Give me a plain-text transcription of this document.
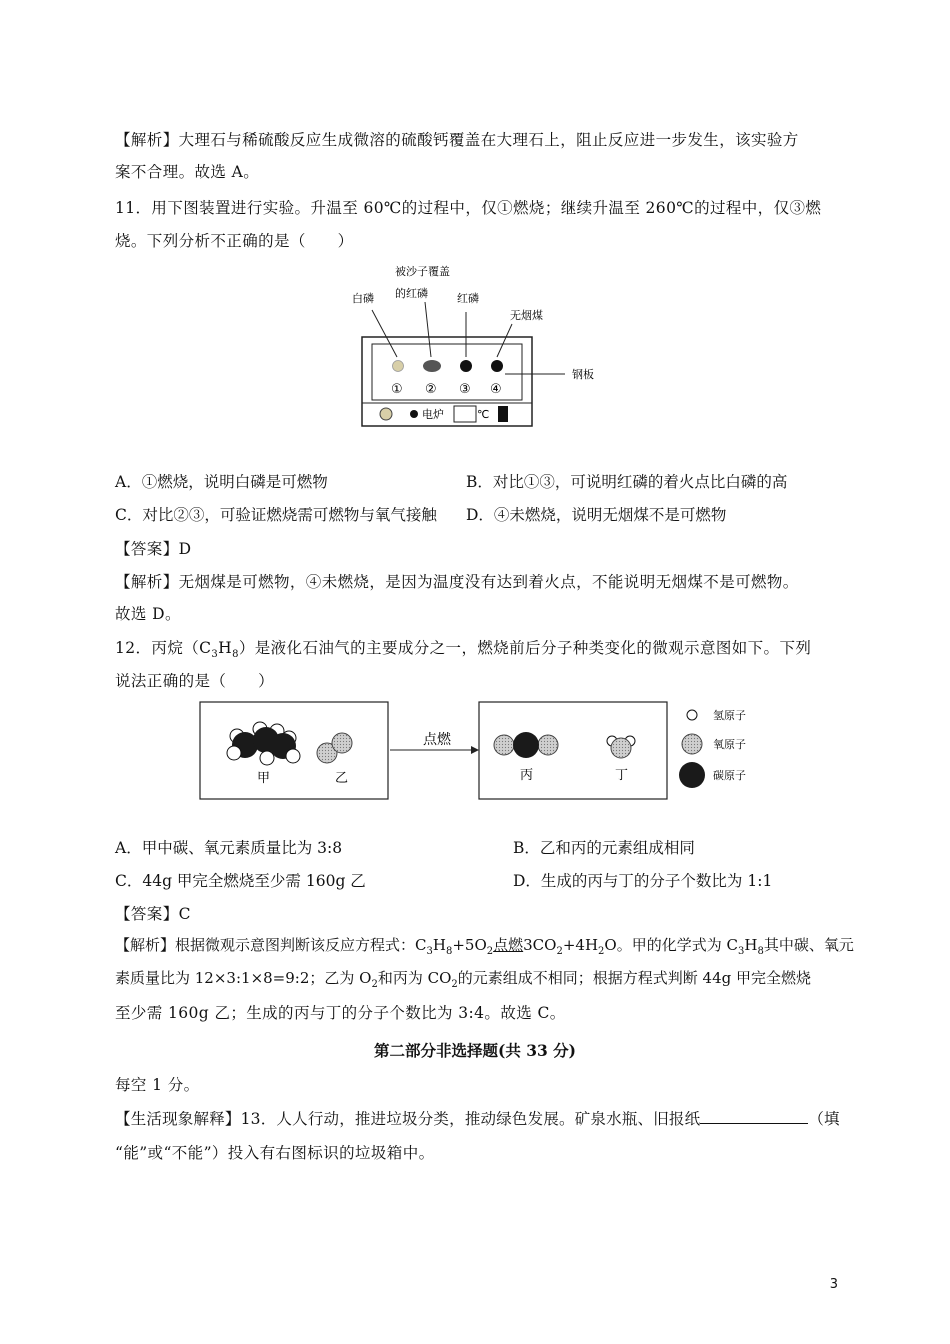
【解析】大理石与稀硫酸反应生成微溶的硫酸钙覆盖在大理石上，阻止反应进一步发生，该实验方
案不合理。故选 A。
11．用下图装置进行实验。升温至 60℃的过程中，仅①燃烧；继续升温至 260℃的过程中，仅③燃
烧。下列分析不正确的是（　　）
被沙子覆盖
的红磷
白磷	红磷
无烟煤
① ② ③ ④
钢板
电炉	℃
A．①燃烧，说明白磷是可燃物	B．对比①③，可说明红磷的着火点比白磷的高
C．对比②③，可验证燃烧需可燃物与氧气接触 D．④未燃烧，说明无烟煤不是可燃物
【答案】D
【解析】无烟煤是可燃物，④未燃烧，是因为温度没有达到着火点，不能说明无烟煤不是可燃物。
故选 D。
12．丙烷$(C_3H_8)$是液化石油气的主要成分之一，燃烧前后分子种类变化的微观示意图如下。下列
说法正确的是（　　）
甲	乙
点燃
丙	丁
氢原子
氧原子
碳原子
A．甲中碳、氧元素质量比为 3:8	B．乙和丙的元素组成相同
C．44g 甲完全燃烧至少需 160g 乙	D．生成的丙与丁的分子个数比为 1:1
【答案】C
【解析】根据微观示意图判断该反应方程式：$C_3H_8+5O_2$点燃$3CO_2+4H_2O$。甲的化学式为 $C_3H_8$其中碳、氧元
素质量比为 12×3:1×8=9:2；乙为 $O_2$和丙为 $CO_2$的元素组成不相同；根据方程式判断 44g 甲完全燃烧
至少需 160g 乙；生成的丙与丁的分子个数比为 3:4。故选 C。
第二部分非选择题(共 33 分)
每空 1 分。
【生活现象解释】13．人人行动，推进垃圾分类，推动绿色发展。矿泉水瓶、旧报纸	（填
“能”或“不能”）投入有右图标识的垃圾箱中。
3
